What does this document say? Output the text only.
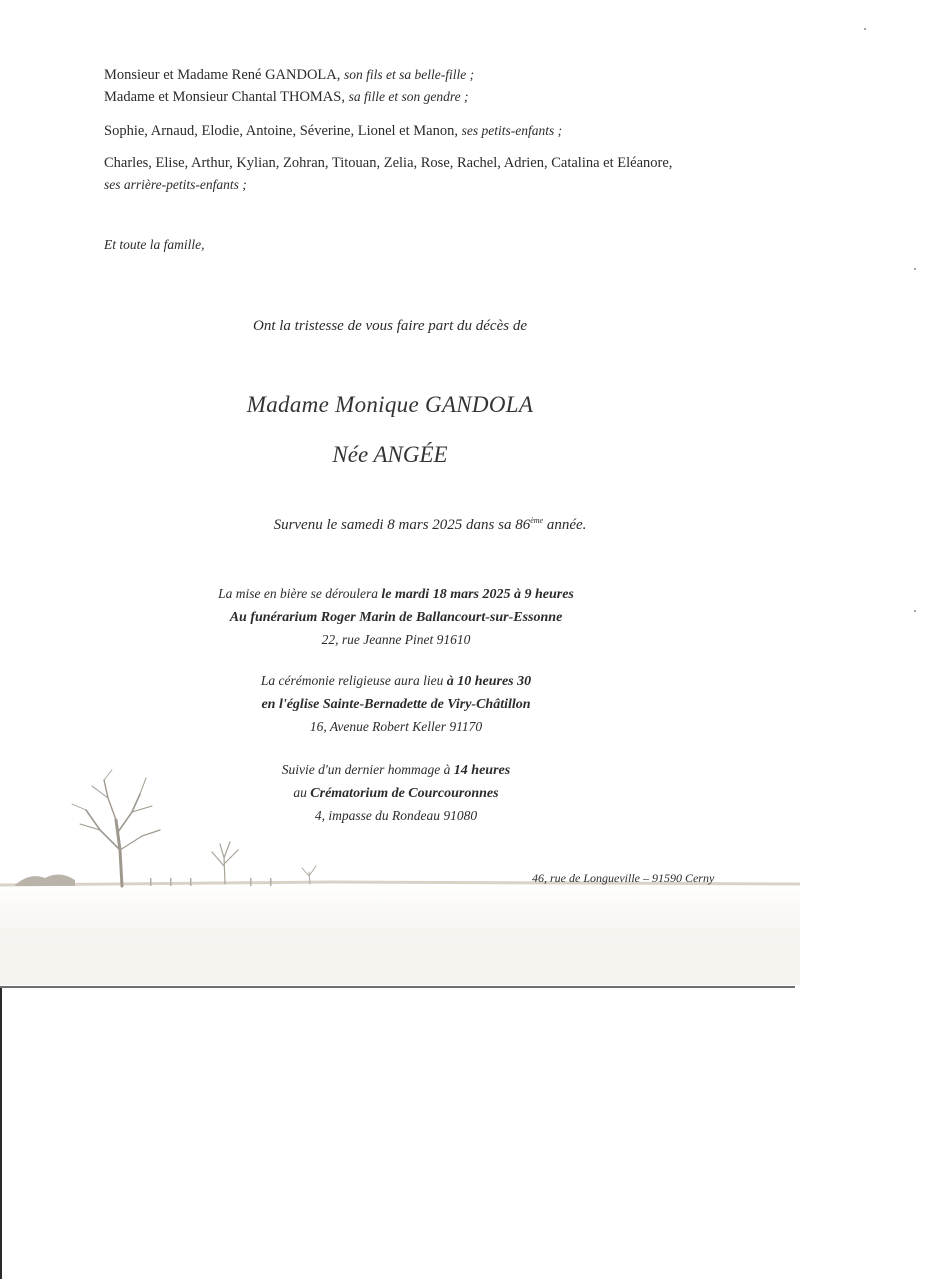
Monsieur et Madame René GANDOLA, son fils et sa belle-fille ;

Madame et Monsieur Chantal THOMAS, sa fille et son gendre ;

Sophie, Arnaud, Elodie, Antoine, Séverine, Lionel et Manon, ses petits-enfants ;

Charles, Elise, Arthur, Kylian, Zohran, Titouan, Zelia, Rose, Rachel, Adrien, Catalina et Eléanore,

ses arrière-petits-enfants ;

Et toute la famille,

Ont la tristesse de vous faire part du décès de
Madame Monique GANDOLA
Née ANGÉE
Survenu le samedi 8 mars 2025 dans sa 86ème année.

La mise en bière se déroulera le mardi 18 mars 2025 à 9 heures

Au funérarium Roger Marin de Ballancourt-sur-Essonne

22, rue Jeanne Pinet 91610

La cérémonie religieuse aura lieu à 10 heures 30

en l'église Sainte-Bernadette de Viry-Châtillon

16, Avenue Robert Keller 91170

Suivie d'un dernier hommage à 14 heures

au Crématorium de Courcouronnes

4, impasse du Rondeau 91080

46, rue de Longueville – 91590 Cerny
